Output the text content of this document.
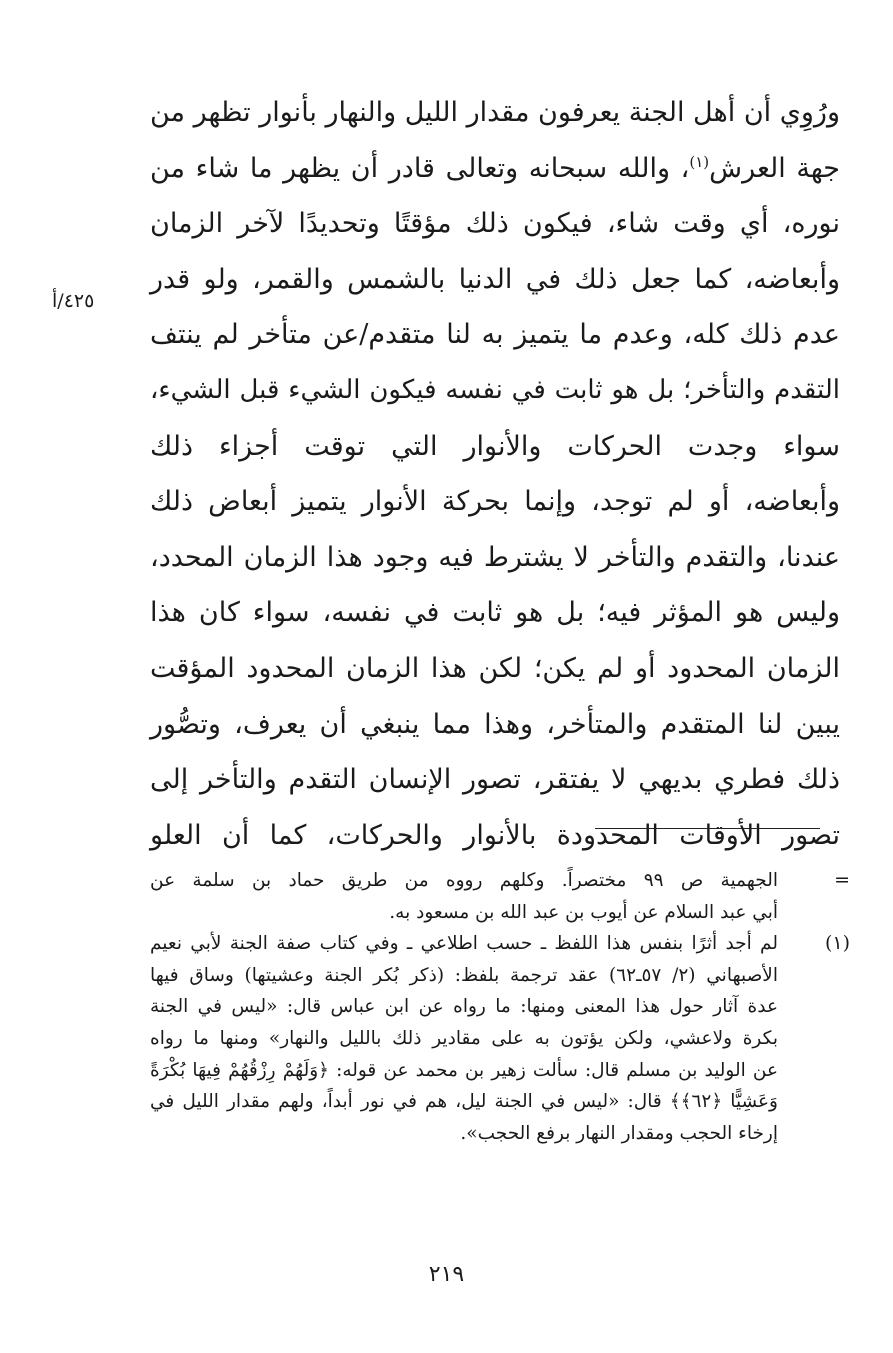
ورُوِي أن أهل الجنة يعرفون مقدار الليل والنهار بأنوار تظهر من
جهة العرش$^{(١)}$، والله سبحانه وتعالى قادر أن يظهر ما شاء من
نوره، أي وقت شاء، فيكون ذلك مؤقتًا وتحديدًا لآخر الزمان
وأبعاضه، كما جعل ذلك في الدنيا بالشمس والقمر، ولو قدر
عدم ذلك كله، وعدم ما يتميز به لنا متقدم/عن متأخر لم ينتف
التقدم والتأخر؛ بل هو ثابت في نفسه فيكون الشيء قبل الشيء،
سواء وجدت الحركات والأنوار التي توقت أجزاء ذلك
وأبعاضه، أو لم توجد، وإنما بحركة الأنوار يتميز أبعاض ذلك
عندنا، والتقدم والتأخر لا يشترط فيه وجود هذا الزمان المحدد،
وليس هو المؤثر فيه؛ بل هو ثابت في نفسه، سواء كان هذا
الزمان المحدود أو لم يكن؛ لكن هذا الزمان المحدود المؤقت
يبين لنا المتقدم والمتأخر، وهذا مما ينبغي أن يعرف، وتصُّور
ذلك فطري بديهي لا يفتقر، تصور الإنسان التقدم والتأخر إلى
تصور الأوقات المحدودة بالأنوار والحركات، كما أن العلو
٤٢٥/أ
=
الجهمية ص ٩٩ مختصراً. وكلهم رووه من طريق حماد بن سلمة عن
أبي عبد السلام عن أيوب بن عبد الله بن مسعود به.
(١)
لم أجد أثرًا بنفس هذا اللفظ ـ حسب اطلاعي ـ وفي كتاب صفة الجنة لأبي نعيم
الأصبهاني (٢/ ٥٧ـ٦٢) عقد ترجمة بلفظ: (ذكر بُكر الجنة وعشيتها) وساق فيها
عدة آثار حول هذا المعنى ومنها: ما رواه عن ابن عباس قال: «ليس في الجنة
بكرة ولاعشي، ولكن يؤتون به على مقادير ذلك بالليل والنهار» ومنها ما رواه
عن الوليد بن مسلم قال: سألت زهير بن محمد عن قوله: ﴿وَلَهُمْ رِزْقُهُمْ فِيهَا بُكْرَةً
وَعَشِيًّا ﴿٦٢﴾﴾ قال: «ليس في الجنة ليل، هم في نور أبداً، ولهم مقدار الليل في
إرخاء الحجب ومقدار النهار برفع الحجب».
٢١٩
